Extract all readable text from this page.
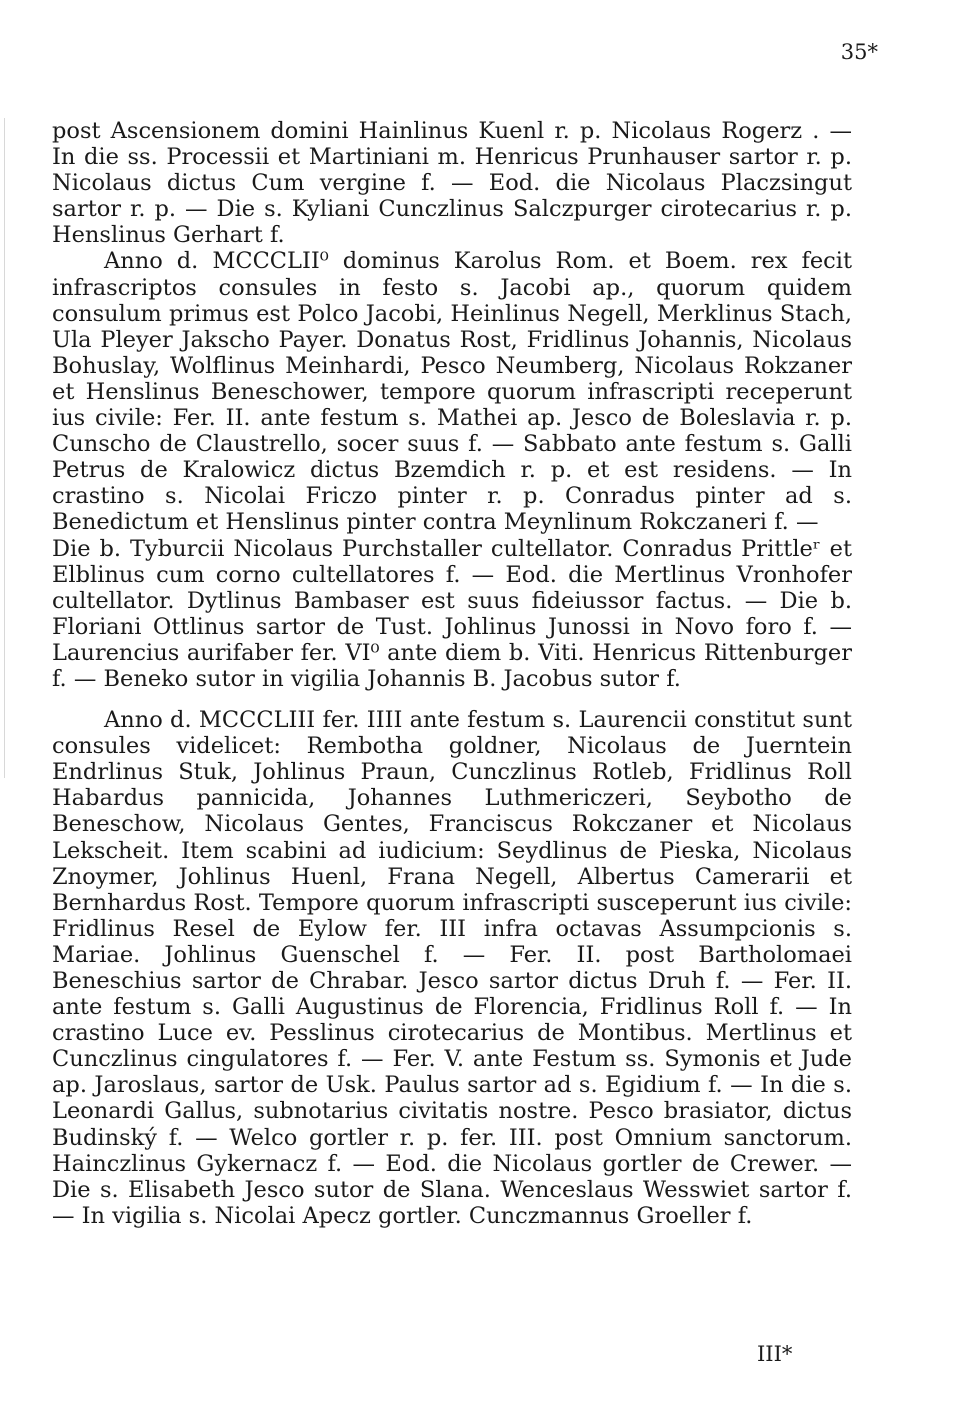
35*

post Ascensionem domini Hainlinus Kuenl r. p. Nicolaus Rogerz . — In die ss. Processii et Martiniani m. Henricus Prunhauser sartor r. p. Nicolaus dictus Cum vergine f. — Eod. die Nicolaus Placzsingut sartor r. p. — Die s. Kyliani Cunczlinus Salczpurger cirotecarius r. p. Henslinus Gerhart f.

Anno d. MCCCLII⁰ dominus Karolus Rom. et Boem. rex fecit infrascriptos consules in festo s. Jacobi ap., quorum quidem consulum primus est Polco Jacobi, Heinlinus Negell, Merklinus Stach, Ula Pleyer Jakscho Payer. Donatus Rost, Fridlinus Johannis, Nicolaus Bohuslay, Wolflinus Meinhardi, Pesco Neumberg, Nicolaus Rokzaner et Henslinus Beneschower, tempore quorum infrascripti receperunt ius civile: Fer. II. ante festum s. Mathei ap. Jesco de Boleslavia r. p. Cunscho de Claustrello, socer suus f. — Sabbato ante festum s. Galli Petrus de Kralowicz dictus Bzemdich r. p. et est residens. — In crastino s. Nicolai Friczo pinter r. p. Conradus pinter ad s. Benedictum et Henslinus pinter contra Meynlinum Rokczaneri f. —

Die b. Tyburcii Nicolaus Purchstaller cultellator. Conradus Prittleʳ et Elblinus cum corno cultellatores f. — Eod. die Mertlinus Vronhofer cultellator. Dytlinus Bambaser est suus fideiussor factus. — Die b. Floriani Ottlinus sartor de Tust. Johlinus Junossi in Novo foro f. — Laurencius aurifaber fer. VI⁰ ante diem b. Viti. Henricus Rittenburger f. — Beneko sutor in vigilia Johannis B. Jacobus sutor f.

Anno d. MCCCLIII fer. IIII ante festum s. Laurencii constitut sunt consules videlicet: Rembotha goldner, Nicolaus de Juerntein Endrlinus Stuk, Johlinus Praun, Cunczlinus Rotleb, Fridlinus Roll Habardus pannicida, Johannes Luthmericzeri, Seybotho de Beneschow, Nicolaus Gentes, Franciscus Rokczaner et Nicolaus Lekscheit. Item scabini ad iudicium: Seydlinus de Pieska, Nicolaus Znoymer, Johlinus Huenl, Frana Negell, Albertus Camerarii et Bernhardus Rost. Tempore quorum infrascripti susceperunt ius civile: Fridlinus Resel de Eylow fer. III infra octavas Assumpcionis s. Mariae. Johlinus Guenschel f. — Fer. II. post Bartholomaei Beneschius sartor de Chrabar. Jesco sartor dictus Druh f. — Fer. II. ante festum s. Galli Augustinus de Florencia, Fridlinus Roll f. — In crastino Luce ev. Pesslinus cirotecarius de Montibus. Mertlinus et Cunczlinus cingulatores f. — Fer. V. ante Festum ss. Symonis et Jude ap. Jaroslaus, sartor de Usk. Paulus sartor ad s. Egidium f. — In die s. Leonardi Gallus, subnotarius civitatis nostre. Pesco brasiator, dictus Budinský f. — Welco gortler r. p. fer. III. post Omnium sanctorum. Hainczlinus Gykernacz f. — Eod. die Nicolaus gortler de Crewer. — Die s. Elisabeth Jesco sutor de Slana. Wenceslaus Wesswiet sartor f. — In vigilia s. Nicolai Apecz gortler. Cunczmannus Groeller f.

III*
